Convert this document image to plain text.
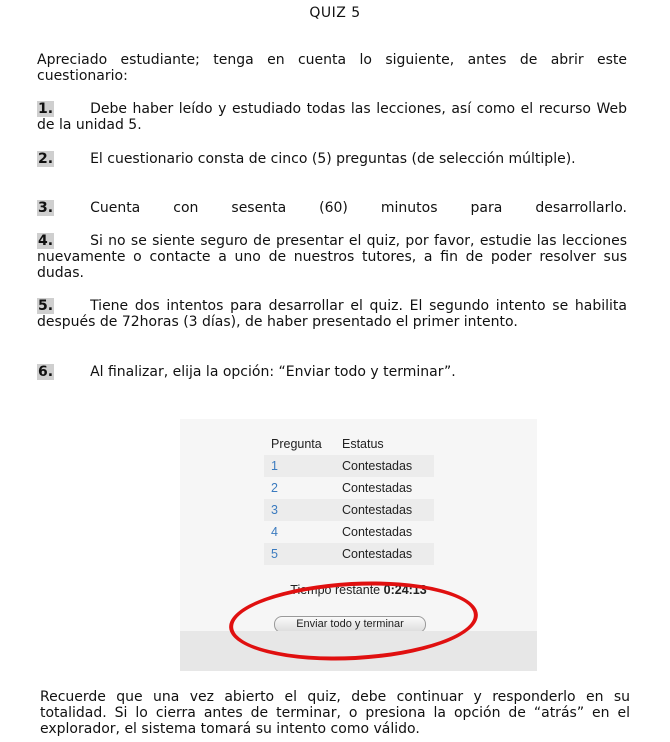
QUIZ 5
Apreciado estudiante; tenga en cuenta lo siguiente, antes de abrir este cuestionario:
1.	Debe haber leído y estudiado todas las lecciones, así como el recurso Web de la unidad 5.
2.	El cuestionario consta de cinco (5) preguntas (de selección múltiple).
3.	Cuenta con sesenta (60) minutos para desarrollarlo.
4.	Si no se siente seguro de presentar el quiz, por favor, estudie las lecciones nuevamente o contacte a uno de nuestros tutores, a fin de poder resolver sus dudas.
5.	Tiene dos intentos para desarrollar el quiz. El segundo intento se habilita después de 72horas (3 días), de haber presentado el primer intento.
6.	Al finalizar, elija la opción: “Enviar todo y terminar”.
Pregunta	Estatus
1	Contestadas
2	Contestadas
3	Contestadas
4	Contestadas
5	Contestadas
Tiempo restante 0:24:13
Enviar todo y terminar
Recuerde que una vez abierto el quiz, debe continuar y responderlo en su totalidad. Si lo cierra antes de terminar, o presiona la opción de “atrás” en el explorador, el sistema tomará su intento como válido.
